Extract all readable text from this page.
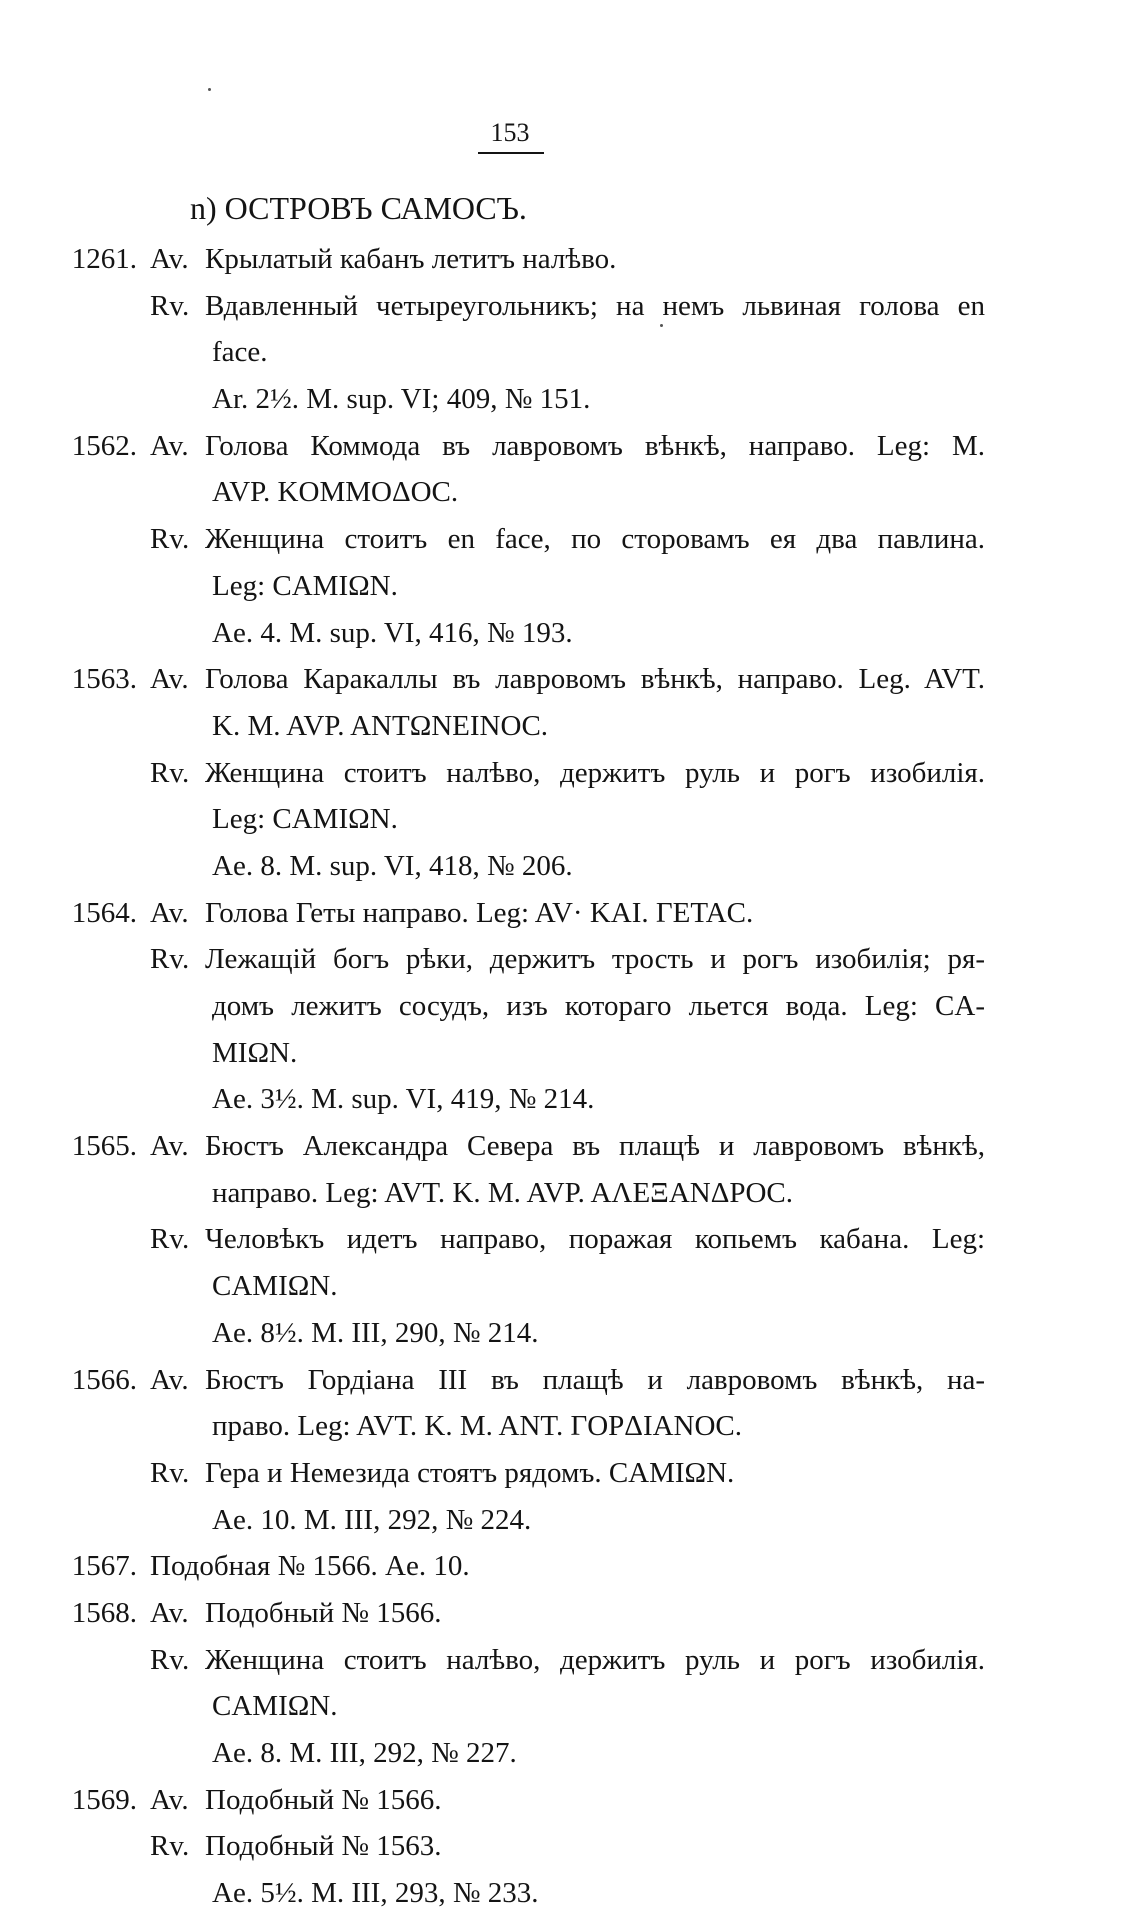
153
n) ОСТРОВЪ САМОСЪ.
1261. Av. Крылатый кабанъ летитъ налѣво.
Rv. Вдавленный четыреугольникъ; на немъ львиная голова en
face.
Ar. 2½. M. sup. VI; 409, № 151.
1562. Av. Голова Коммода въ лавровомъ вѣнкѣ, направо. Leg: M.
AVP. KOMMOΔOC.
Rv. Женщина стоитъ en face, по сторовамъ ея два павлина.
Leg: CAMIΩN.
Ae. 4. M. sup. VI, 416, № 193.
1563. Av. Голова Каракаллы въ лавровомъ вѣнкѣ, направо. Leg. AVT.
K. M. AVP. ANTΩNEINOC.
Rv. Женщина стоитъ налѣво, держитъ руль и рогъ изобилія.
Leg: CAMIΩN.
Ae. 8. M. sup. VI, 418, № 206.
1564. Av. Голова Геты направо. Leg: AV· KAI. ΓETAC.
Rv. Лежащій богъ рѣки, держитъ трость и рогъ изобилія; ря-
домъ лежитъ сосудъ, изъ котораго льется вода. Leg: CA-
MIΩN.
Ae. 3½. M. sup. VI, 419, № 214.
1565. Av. Бюстъ Александра Севера въ плащѣ и лавровомъ вѣнкѣ,
направо. Leg: AVT. K. M. AVP. AΛEΞANΔPOC.
Rv. Человѣкъ идетъ направо, поражая копьемъ кабана. Leg:
CAMIΩN.
Ae. 8½. M. III, 290, № 214.
1566. Av. Бюстъ Гордіана III въ плащѣ и лавровомъ вѣнкѣ, на-
право. Leg: AVT. K. M. ANT. ΓOPΔIANOC.
Rv. Гера и Немезида стоятъ рядомъ. CAMIΩN.
Ae. 10. M. III, 292, № 224.
1567. Подобная № 1566. Ae. 10.
1568. Av. Подобный № 1566.
Rv. Женщина стоитъ налѣво, держитъ руль и рогъ изобилія.
CAMIΩN.
Ae. 8. M. III, 292, № 227.
1569. Av. Подобный № 1566.
Rv. Подобный № 1563.
Ae. 5½. M. III, 293, № 233.
